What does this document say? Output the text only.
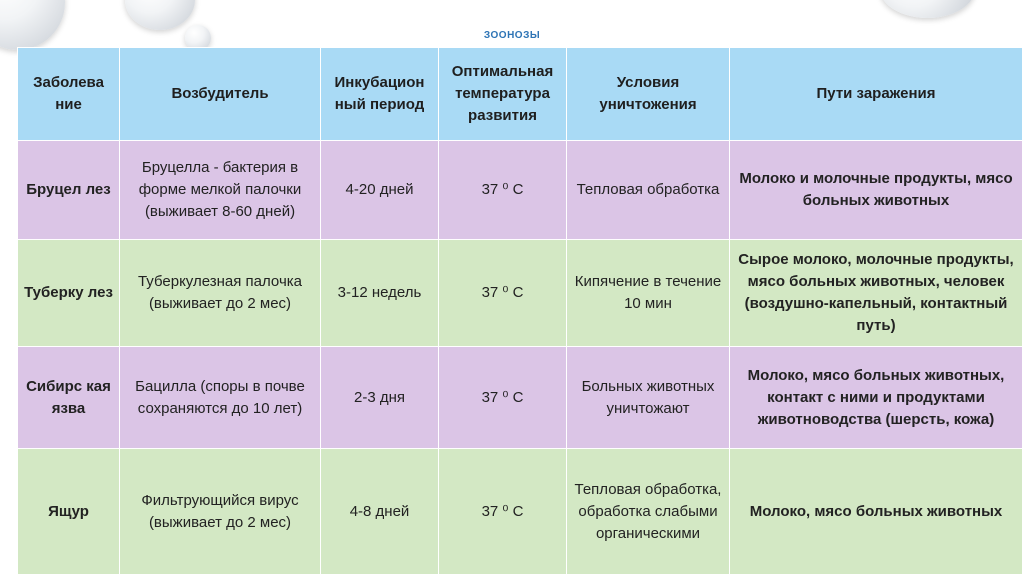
ЗООНОЗЫ
Заболева ние	Возбудитель	Инкубацион ный период	Оптимальная температура развития	Условия уничтожения	Пути заражения
Бруцел лез	Бруцелла - бактерия в форме мелкой палочки (выживает 8-60 дней)	4-20 дней	37 ⁰ С	Тепловая обработка	Молоко и молочные продукты, мясо больных животных
Туберку лез	Туберкулезная палочка (выживает до 2 мес)	3-12 недель	37 ⁰ С	Кипячение в течение 10 мин	Сырое молоко, молочные продукты, мясо больных животных, человек (воздушно-капельный, контактный путь)
Сибирс кая язва	Бацилла (споры в почве сохраняются до 10 лет)	2-3 дня	37 ⁰ С	Больных животных уничтожают	Молоко, мясо больных животных, контакт с ними и продуктами животноводства (шерсть, кожа)
Ящур	Фильтрующийся вирус (выживает до 2 мес)	4-8 дней	37 ⁰ С	Тепловая обработка, обработка слабыми органическими	Молоко, мясо больных животных
